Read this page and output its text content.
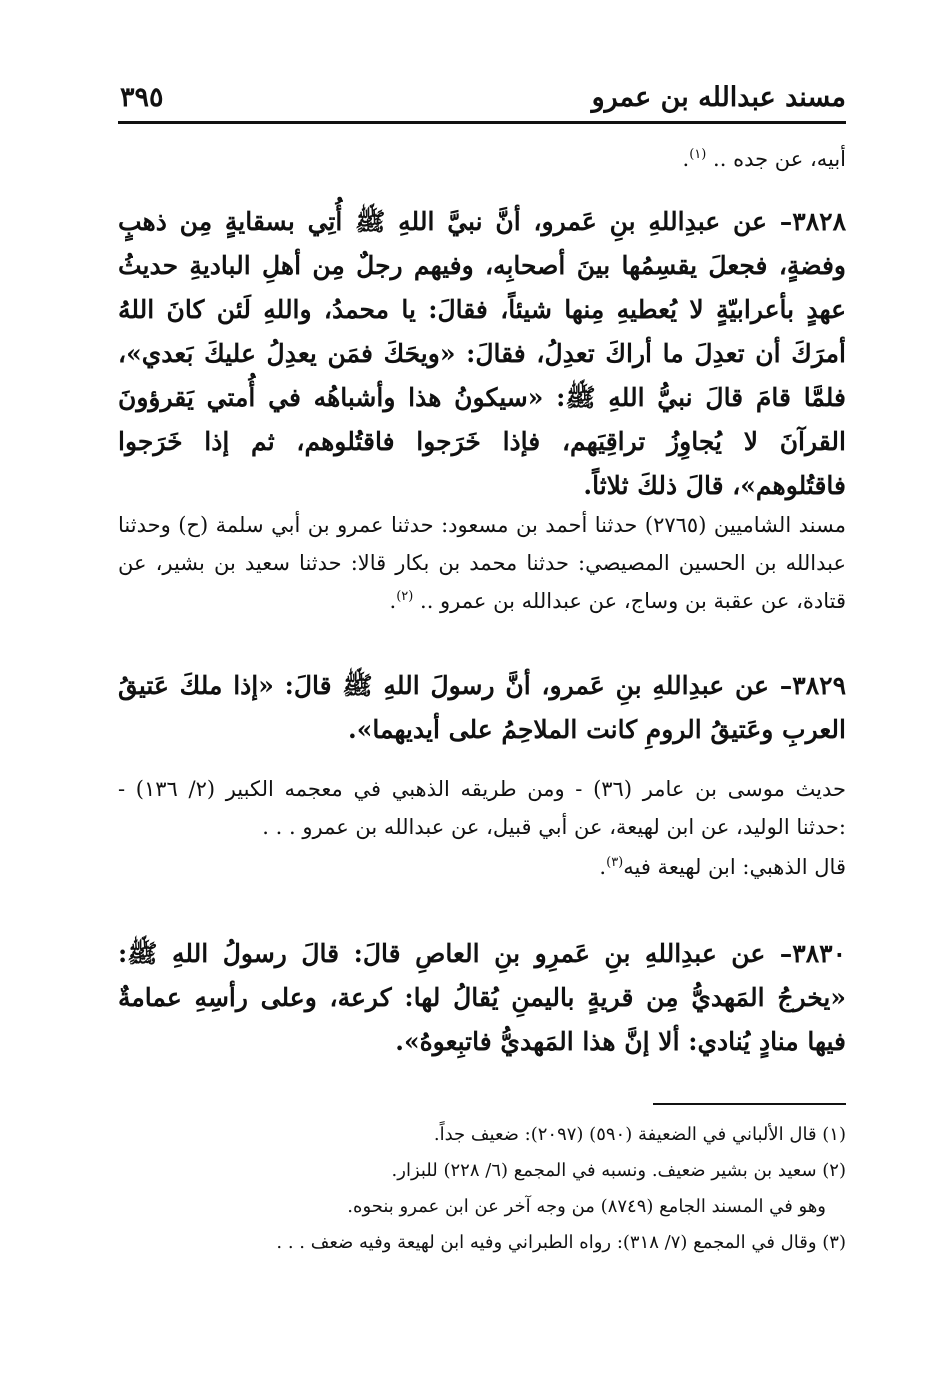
مسند عبدالله بن عمرو
٣٩٥

أبيه، عن جده .. $^{(١)}$.

٣٨٢٨– عن عبدِاللهِ بنِ عَمرو، أنَّ نبيَّ اللهِ ﷺ أُتِي بسقايةٍ مِن ذهبٍ وفضةٍ، فجعلَ يقسِمُها بينَ أصحابِه، وفيهم رجلٌ مِن أهلِ الباديةِ حديثُ عهدٍ بأعرابيّةٍ لا يُعطيهِ مِنها شيئاً، فقالَ: يا محمدُ، واللهِ لَئن كانَ اللهُ أمرَكَ أن تعدِلَ ما أراكَ تعدِلُ، فقالَ: «ويحَكَ فمَن يعدِلُ عليكَ بَعدي»، فلمَّا قامَ قالَ نبيُّ اللهِ ﷺ: «سيكونُ هذا وأشباهُه في أُمتي يَقرؤونَ القرآنَ لا يُجاوِزُ تراقِيَهم، فإذا خَرَجوا فاقتُلوهم، ثم إذا خَرَجوا فاقتُلوهم»، قالَ ذلكَ ثلاثاً.

مسند الشاميين (٢٧٦٥) حدثنا أحمد بن مسعود: حدثنا عمرو بن أبي سلمة (ح) وحدثنا عبدالله بن الحسين المصيصي: حدثنا محمد بن بكار قالا: حدثنا سعيد بن بشير، عن قتادة، عن عقبة بن وساج، عن عبدالله بن عمرو .. $^{(٢)}$.

٣٨٢٩– عن عبدِاللهِ بنِ عَمرو، أنَّ رسولَ اللهِ ﷺ قالَ: «إذا ملكَ عَتيقُ العربِ وعَتيقُ الرومِ كانت الملاحِمُ على أيديهما».

حديث موسى بن عامر (٣٦) - ومن طريقه الذهبي في معجمه الكبير (٢/ ١٣٦) - :حدثنا الوليد، عن ابن لهيعة، عن أبي قبيل، عن عبدالله بن عمرو . . .

قال الذهبي: ابن لهيعة فيه$^{(٣)}$.

٣٨٣٠– عن عبدِاللهِ بنِ عَمرِو بنِ العاصِ قالَ: قالَ رسولُ اللهِ ﷺ: «يخرجُ المَهديُّ مِن قريةٍ باليمنِ يُقالُ لها: كرعة، وعلى رأسِهِ عمامةٌ فيها منادٍ يُنادي: ألا إنَّ هذا المَهديُّ فاتبِعوهُ».

(١) قال الألباني في الضعيفة (٥٩٠) (٢٠٩٧): ضعيف جداً.

(٢) سعيد بن بشير ضعيف. ونسبه في المجمع (٦/ ٢٢٨) للبزار.

وهو في المسند الجامع (٨٧٤٩) من وجه آخر عن ابن عمرو بنحوه.

(٣) وقال في المجمع (٧/ ٣١٨): رواه الطبراني وفيه ابن لهيعة وفيه ضعف . . .
